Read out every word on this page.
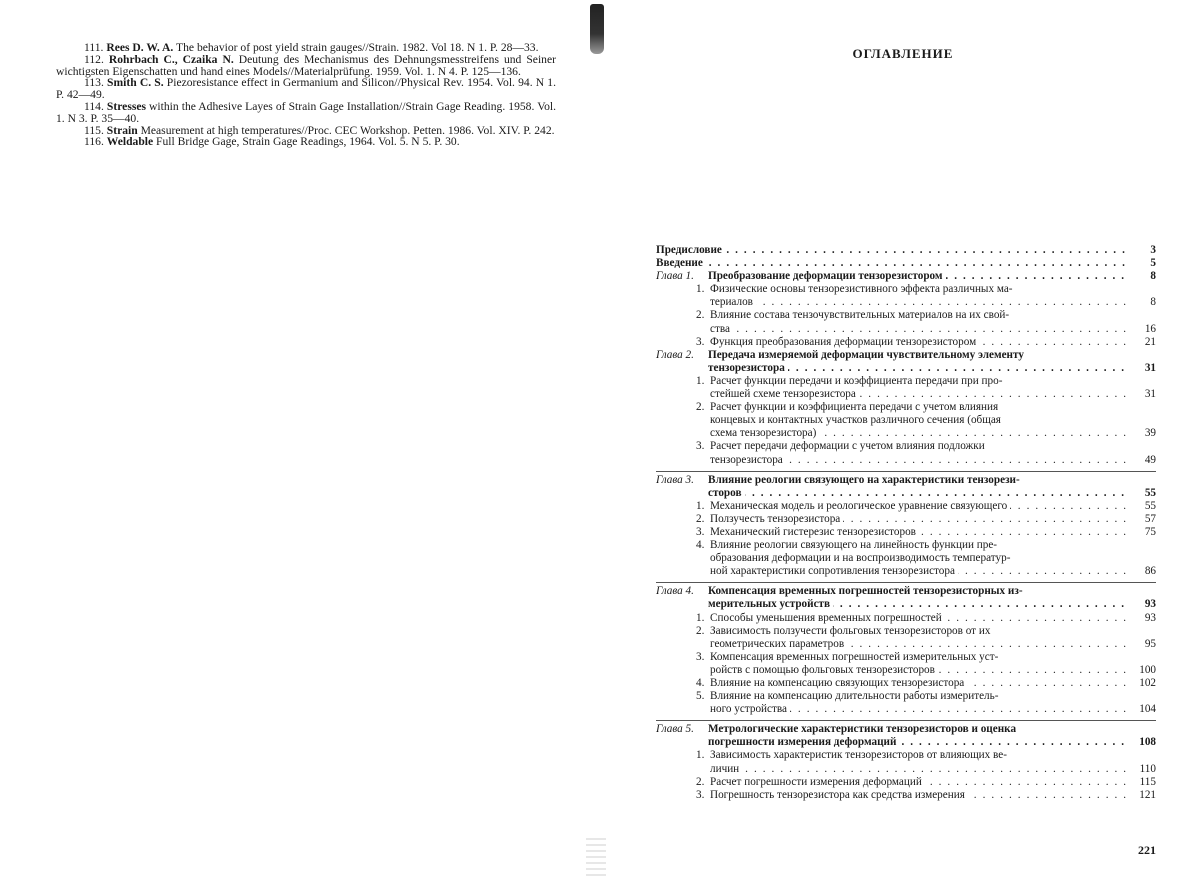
111. Rees D. W. A. The behavior of post yield strain gauges//Strain. 1982. Vol 18. N 1. P. 28—33.

112. Rohrbach C., Czaika N. Deutung des Mechanismus des Dehnungsmesstreifens und Seiner wichtigsten Eigenschatten und hand eines Models//Materialprüfung. 1959. Vol. 1. N 4. P. 125—136.

113. Smith C. S. Piezoresistance effect in Germanium and Silicon//Physical Rev. 1954. Vol. 94. N 1. P. 42—49.

114. Stresses within the Adhesive Layes of Strain Gage Installation//Strain Gage Reading. 1958. Vol. 1. N 3. P. 35—40.

115. Strain Measurement at high temperatures//Proc. CEC Workshop. Petten. 1986. Vol. XIV. P. 242.

116. Weldable Full Bridge Gage, Strain Gage Readings, 1964. Vol. 5. N 5. P. 30.

ОГЛАВЛЕНИЕ
Предисловие . . .	3
Введение . . .	5
Глава 1.	Преобразование деформации тензорезистором . . .	8
1. Физические основы тензорезистивного эффекта различных ма-
териалов . . .	8
2. Влияние состава тензочувствительных материалов на их свой-
ства . . .	16
3. Функция преобразования деформации тензорезистором . . .	21
Глава 2.	Передача измеряемой деформации чувствительному элементу
тензорезистора . . .	31
1. Расчет функции передачи и коэффициента передачи при про-
стейшей схеме тензорезистора . . .	31
2. Расчет функции и коэффициента передачи с учетом влияния
концевых и контактных участков различного сечения (общая
схема тензорезистора) . . .	39
3. Расчет передачи деформации с учетом влияния подложки
тензорезистора . . .	49
Глава 3.	Влияние реологии связующего на характеристики тензорези-
сторов . . .	55
1. Механическая модель и реологическое уравнение связующего . . .	55
2. Ползучесть тензорезистора . . .	57
3. Механический гистерезис тензорезисторов . . .	75
4. Влияние реологии связующего на линейность функции пре-
образования деформации и на воспроизводимость температур-
ной характеристики сопротивления тензорезистора . . .	86
Глава 4.	Компенсация временных погрешностей тензорезисторных из-
мерительных устройств . . .	93
1. Способы уменьшения временных погрешностей . . .	93
2. Зависимость ползучести фольговых тензорезисторов от их
геометрических параметров . . .	95
3. Компенсация временных погрешностей измерительных уст-
ройств с помощью фольговых тензорезисторов . . .	100
4. Влияние на компенсацию связующих тензорезистора . . .	102
5. Влияние на компенсацию длительности работы измеритель-
ного устройства . . .	104
Глава 5.	Метрологические характеристики тензорезисторов и оценка
погрешности измерения деформаций . . .	108
1. Зависимость характеристик тензорезисторов от влияющих ве-
личин . . .	110
2. Расчет погрешности измерения деформаций . . .	115
3. Погрешность тензорезистора как средства измерения . . .	121
221
